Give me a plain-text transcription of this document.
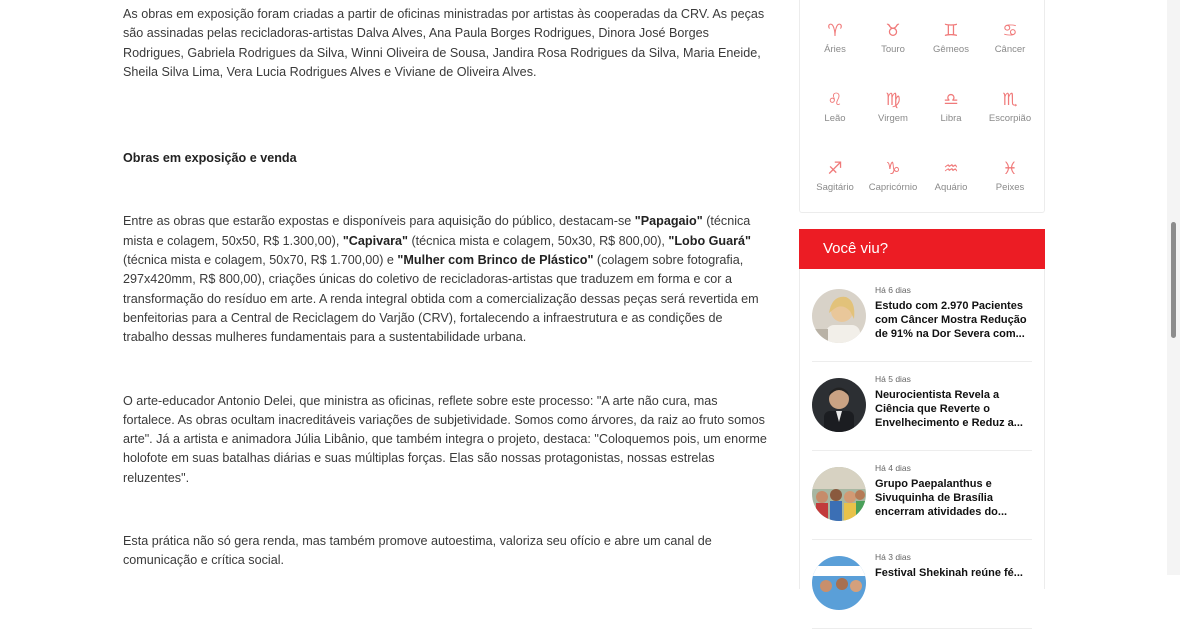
As obras em exposição foram criadas a partir de oficinas ministradas por artistas às cooperadas da CRV. As peças são assinadas pelas recicladoras-artistas Dalva Alves, Ana Paula Borges Rodrigues, Dinora José Borges Rodrigues, Gabriela Rodrigues da Silva, Winni Oliveira de Sousa, Jandira Rosa Rodrigues da Silva, Maria Eneide, Sheila Silva Lima, Vera Lucia Rodrigues Alves e Viviane de Oliveira Alves.

Obras em exposição e venda

Entre as obras que estarão expostas e disponíveis para aquisição do público, destacam-se "Papagaio" (técnica mista e colagem, 50x50, R$ 1.300,00), "Capivara" (técnica mista e colagem, 50x30, R$ 800,00), "Lobo Guará" (técnica mista e colagem, 50x70, R$ 1.700,00) e "Mulher com Brinco de Plástico" (colagem sobre fotografia, 297x420mm, R$ 800,00), criações únicas do coletivo de recicladoras-artistas que traduzem em forma e cor a transformação do resíduo em arte. A renda integral obtida com a comercialização dessas peças será revertida em benfeitorias para a Central de Reciclagem do Varjão (CRV), fortalecendo a infraestrutura e as condições de trabalho dessas mulheres fundamentais para a sustentabilidade urbana.

O arte-educador Antonio Delei, que ministra as oficinas, reflete sobre este processo: "A arte não cura, mas fortalece. As obras ocultam inacreditáveis variações de subjetividade. Somos como árvores, da raiz ao fruto somos arte". Já a artista e animadora Júlia Libânio, que também integra o projeto, destaca: "Coloquemos pois, um enorme holofote em suas batalhas diárias e suas múltiplas forças. Elas são nossas protagonistas, nossas estrelas reluzentes".

Esta prática não só gera renda, mas também promove autoestima, valoriza seu ofício e abre um canal de comunicação e crítica social.

♈
Áries
♉
Touro
♊
Gêmeos
♋
Câncer
♌
Leão
♍
Virgem
♎
Libra
♏
Escorpião
♐
Sagitário
♑
Capricórnio
♒
Aquário
♓
Peixes
Você viu?
Há 6 dias
Estudo com 2.970 Pacientes com Câncer Mostra Redução de 91% na Dor Severa com...
Há 5 dias
Neurocientista Revela a Ciência que Reverte o Envelhecimento e Reduz a...
Há 4 dias
Grupo Paepalanthus e Sivuquinha de Brasília encerram atividades do...
Há 3 dias
Festival Shekinah reúne fé...
